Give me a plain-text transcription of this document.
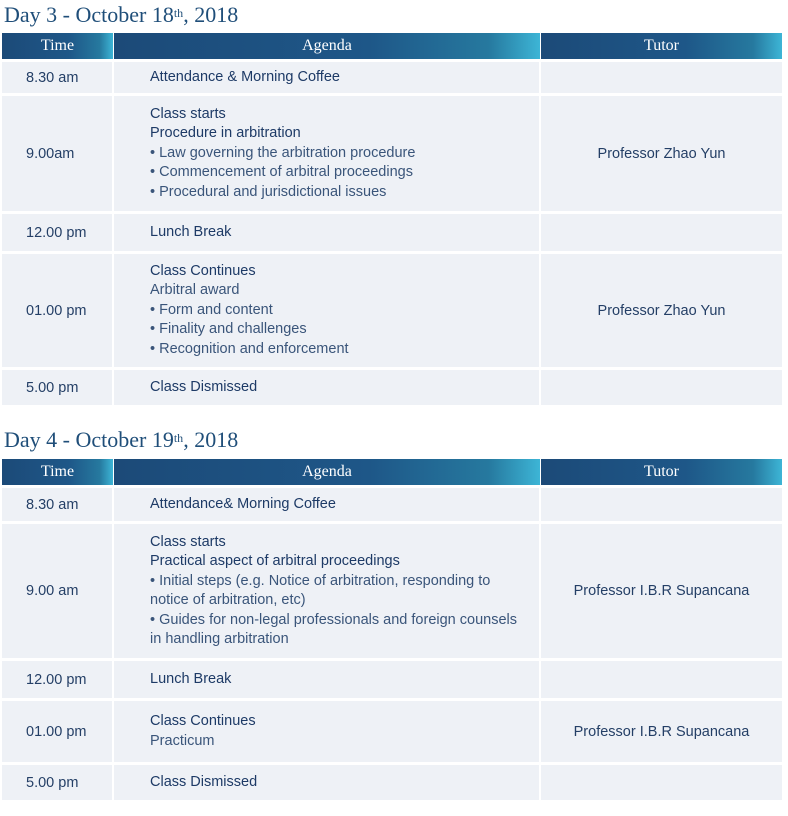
Day 3 - October 18th, 2018
Time	Agenda	Tutor
8.30 am	Attendance & Morning Coffee	

9.00am	Class starts
Procedure in arbitration
• Law governing the arbitration procedure
• Commencement of arbitral proceedings
• Procedural and jurisdictional issues	Professor Zhao Yun
12.00 pm	Lunch Break	

01.00 pm	Class Continues
Arbitral award
• Form and content
• Finality and challenges
• Recognition and enforcement	Professor Zhao Yun
5.00 pm	Class Dismissed	

Day 4 - October 19th, 2018
Time	Agenda	Tutor
8.30 am	Attendance& Morning Coffee	

9.00 am	Class starts
Practical aspect of arbitral proceedings
• Initial steps (e.g. Notice of arbitration, responding to notice of arbitration, etc)
• Guides for non-legal professionals and foreign counsels in handling arbitration	Professor I.B.R Supancana
12.00 pm	Lunch Break	

01.00 pm	Class Continues
Practicum	Professor I.B.R Supancana
5.00 pm	Class Dismissed	
